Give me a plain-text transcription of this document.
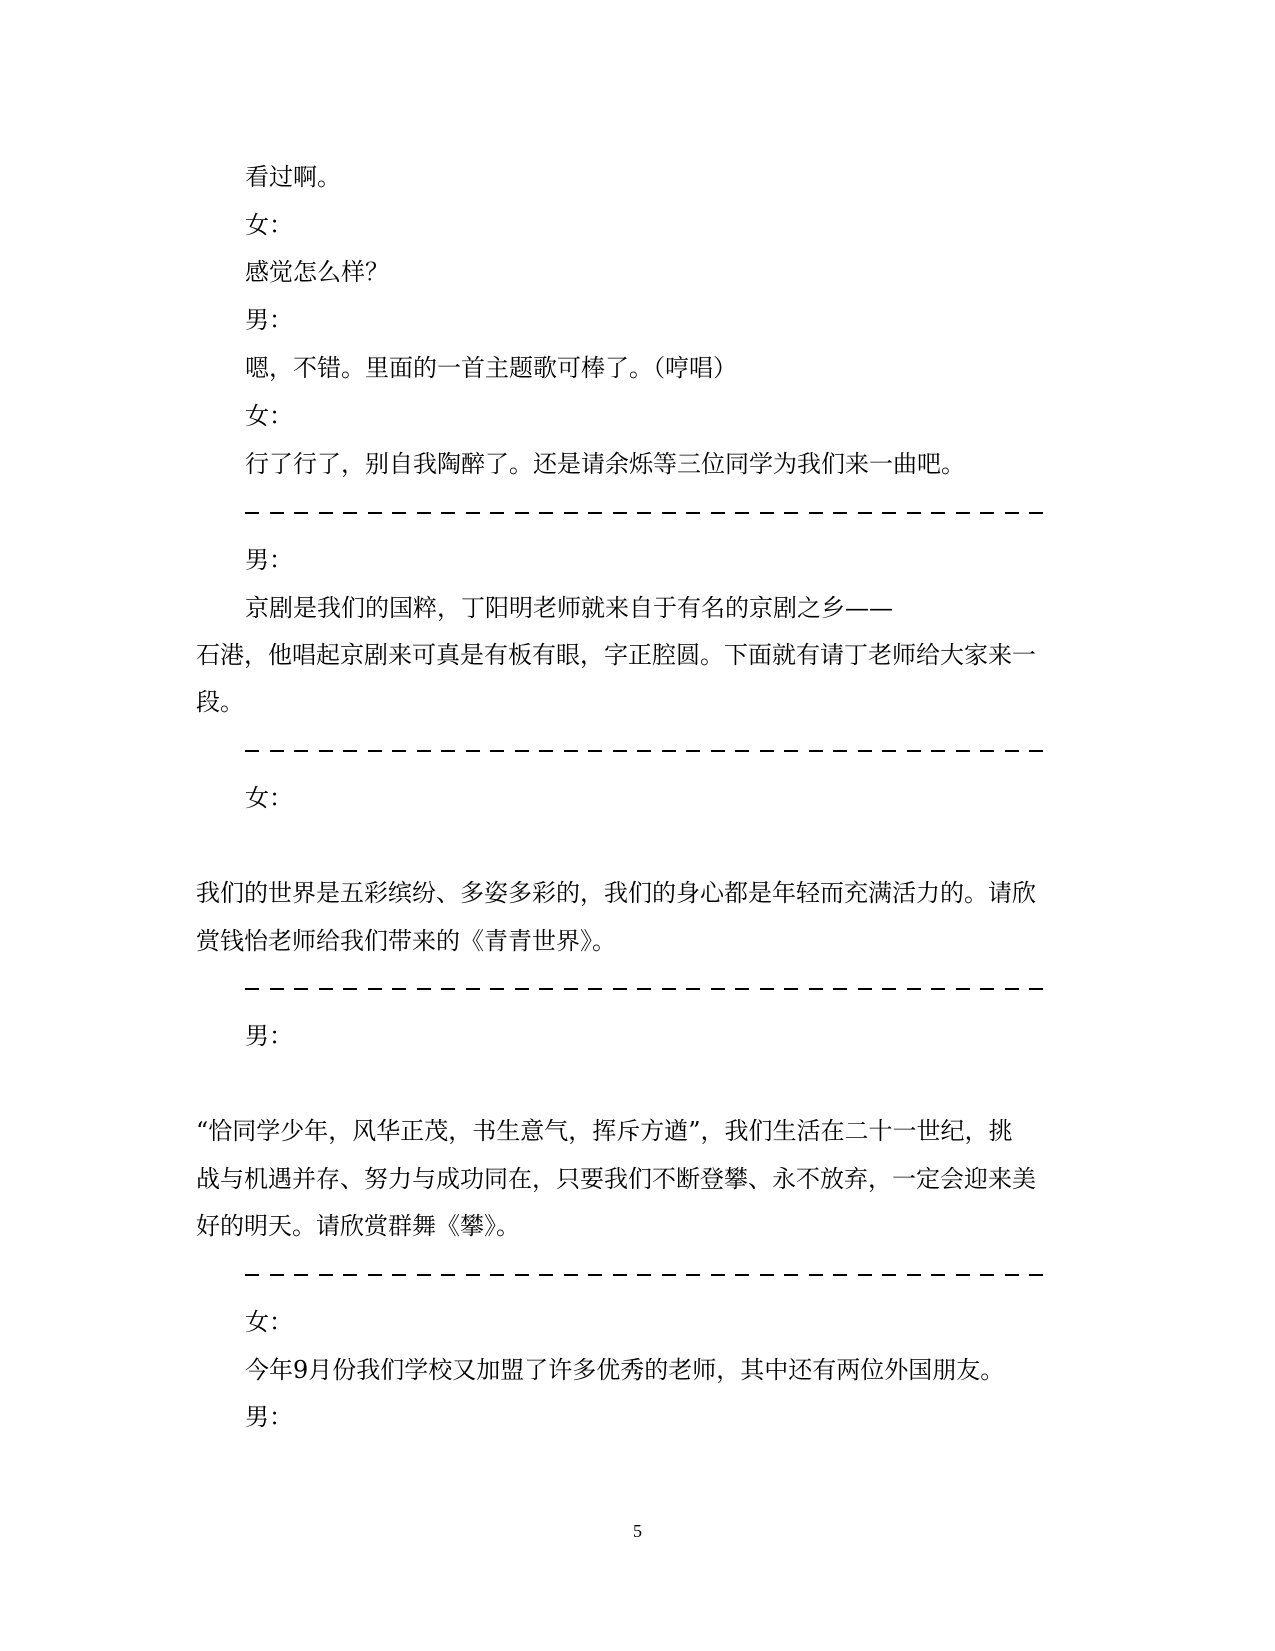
看过啊。
女：
感觉怎么样？
男：
嗯，不错。里面的一首主题歌可棒了。（哼唱）
女：
行了行了，别自我陶醉了。还是请余烁等三位同学为我们来一曲吧。
男：
京剧是我们的国粹，丁阳明老师就来自于有名的京剧之乡——
石港，他唱起京剧来可真是有板有眼，字正腔圆。下面就有请丁老师给大家来一
段。
女：
我们的世界是五彩缤纷、多姿多彩的，我们的身心都是年轻而充满活力的。请欣
赏钱怡老师给我们带来的《青青世界》。
男：
“恰同学少年，风华正茂，书生意气，挥斥方遒”，我们生活在二十一世纪，挑
战与机遇并存、努力与成功同在，只要我们不断登攀、永不放弃，一定会迎来美
好的明天。请欣赏群舞《攀》。
女：
今年9月份我们学校又加盟了许多优秀的老师，其中还有两位外国朋友。
男：
5
